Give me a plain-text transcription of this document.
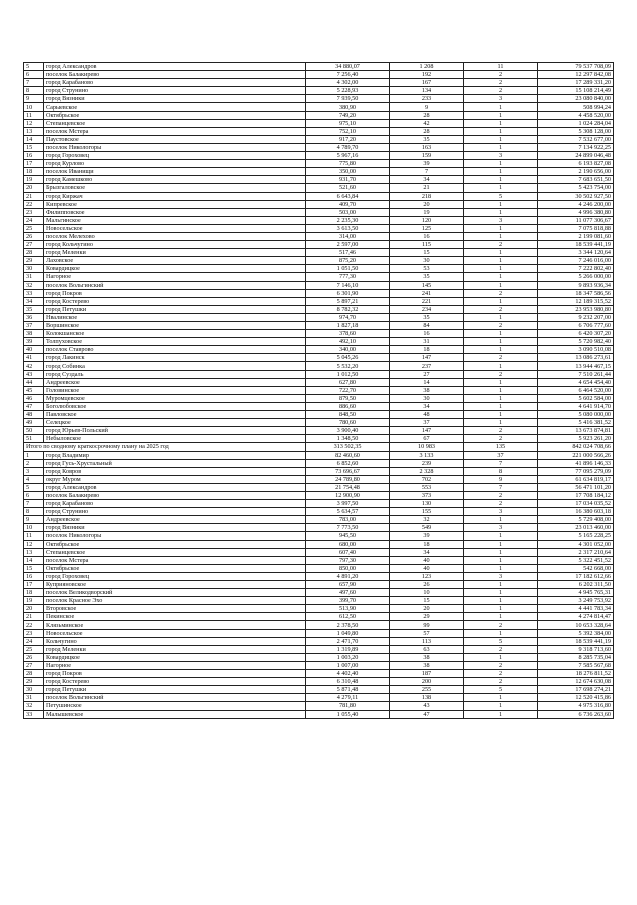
5	город Александров	34 880,07	1 208	11	79 537 708,09
6	поселок Балакирево	7 256,40	192	2	12 297 842,08
7	город Карабаново	4 302,00	167	2	17 289 331,20
8	город Струнино	5 228,93	134	2	15 108 214,49
9	город Вязники	7 939,50	233	3	23 080 840,00
10	Сарыевское	380,90	9	1	508 994,24
11	Октябрьское	749,20	28	1	4 458 520,00
12	Степанцевское	975,10	42	1	1 024 284,04
13	поселок Мстера	752,10	28	1	5 308 128,00
14	Паустовское	917,20	35	1	7 532 677,00
15	поселок Никологоры	4 789,70	163	1	7 134 922,25
16	город Гороховец	5 967,16	159	3	24 899 046,48
17	город Курлово	775,80	39	1	6 193 827,08
18	поселок Иванищи	350,00	7	1	2 190 656,00
19	город Камешково	931,70	34	1	7 683 651,50
20	Брызгаловское	521,60	21	1	5 423 754,00
21	город Киржач	6 643,84	218	5	30 502 927,50
22	Кипревское	409,70	20	1	4 246 200,00
23	Филипповское	503,00	19	1	4 996 380,80
24	Мальгинское	2 235,30	120	3	11 077 306,67
25	Новосельское	3 613,50	125	1	7 075 818,88
26	поселок Мелехово	314,00	16	1	2 199 081,60
27	город Кольчугино	2 597,00	115	2	18 539 441,19
28	город Меленки	517,46	15	1	3 344 120,64
29	Лаховское	875,20	30	1	7 246 016,00
30	Ковардицкое	1 051,50	53	1	7 222 802,40
31	Нагорное	777,30	35	1	5 266 000,00
32	поселок Вольгинский	7 146,10	145	1	9 893 936,34
33	город Покров	6 301,90	241	2	18 347 586,56
34	город Костерево	5 897,21	221	1	12 189 315,52
35	город Петушки	8 782,32	234	2	23 953 980,80
36	Нвалинское	974,70	35	1	9 232 207,00
37	Воршинское	1 827,18	84	2	6 706 777,60
38	Колокшанское	378,60	16	1	6 420 307,20
39	Толпуховское	492,10	31	1	5 720 982,40
40	поселок Ставрово	340,00	18	1	3 090 510,08
41	город Лакинск	5 045,26	147	2	13 086 273,61
42	город Собинка	5 532,20	237	1	13 944 467,15
43	город Суздаль	1 012,50	27	2	7 510 261,44
44	Андреевское	627,80	14	1	4 654 454,40
45	Головинское	722,70	38	1	6 464 520,00
46	Муромцевское	879,50	30	1	5 602 584,00
47	Боголюбовское	886,60	34	1	4 641 914,70
48	Павловское	848,50	48	1	5 080 000,00
49	Селецкое	780,60	37	1	5 416 381,52
50	город Юрьев-Польский	3 900,40	147	2	13 673 874,81
51	Небыловское	1 348,50	67	2	5 923 261,20
Итого по сводному краткосрочному плану на 2025 год		313 502,35	10 983	135	842 024 708,66
1	город Владимир	82 460,60	3 133	37	221 000 566,26
2	город Гусь-Хрустальный	6 852,60	239	7	41 896 146,33
3	город Ковров	73 696,67	2 328	8	77 095 279,09
4	округ Муром	24 789,80	702	9	61 634 819,17
5	город Александров	21 754,48	553	7	56 471 101,20
6	поселок Балакирево	12 900,90	373	2	17 708 184,12
7	город Карабаново	3 997,50	130	2	17 034 035,52
8	город Струнино	5 634,57	155	3	16 380 603,18
9	Андреевское	783,00	32	1	5 729 408,00
10	город Вязники	7 773,50	549	3	23 013 460,00
11	поселок Никологоры	945,50	39	1	5 165 228,25
12	Октябрьское	680,00	18	1	4 301 052,00
13	Степанцевское	607,40	34	1	2 317 210,64
14	поселок Мстера	797,30	40	1	5 322 451,52
15	Октябрьское	850,00	40	1	542 668,00
16	город Гороховец	4 891,20	123	3	17 182 612,66
17	Куприяновское	657,90	26	1	6 202 311,50
18	поселок Великодворский	497,60	10	1	4 945 765,31
19	поселок Красное Эхо	399,70	15	1	3 249 753,92
20	Второвское	513,90	20	1	4 441 783,34
21	Пекинское	612,50	29	1	4 274 814,47
22	Клязьминское	2 378,50	99	2	10 653 328,64
23	Новосельское	1 049,80	57	1	5 392 384,00
24	Кольчугино	2 471,70	113	5	18 539 441,19
25	город Меленки	1 319,89	63	2	9 318 713,60
26	Ковардицкое	1 003,20	38	1	8 285 735,04
27	Нагорное	1 007,00	38	2	7 585 567,68
28	город Покров	4 402,40	187	2	18 276 811,52
29	город Костерево	6 310,48	200	2	12 674 630,08
30	город Петушки	5 871,48	255	5	17 698 274,21
31	поселок Вольгинский	4 279,11	138	1	12 520 415,86
32	Петушинское	781,80	43	1	4 975 316,80
33	Малышевское	1 055,40	47	1	6 736 263,60
